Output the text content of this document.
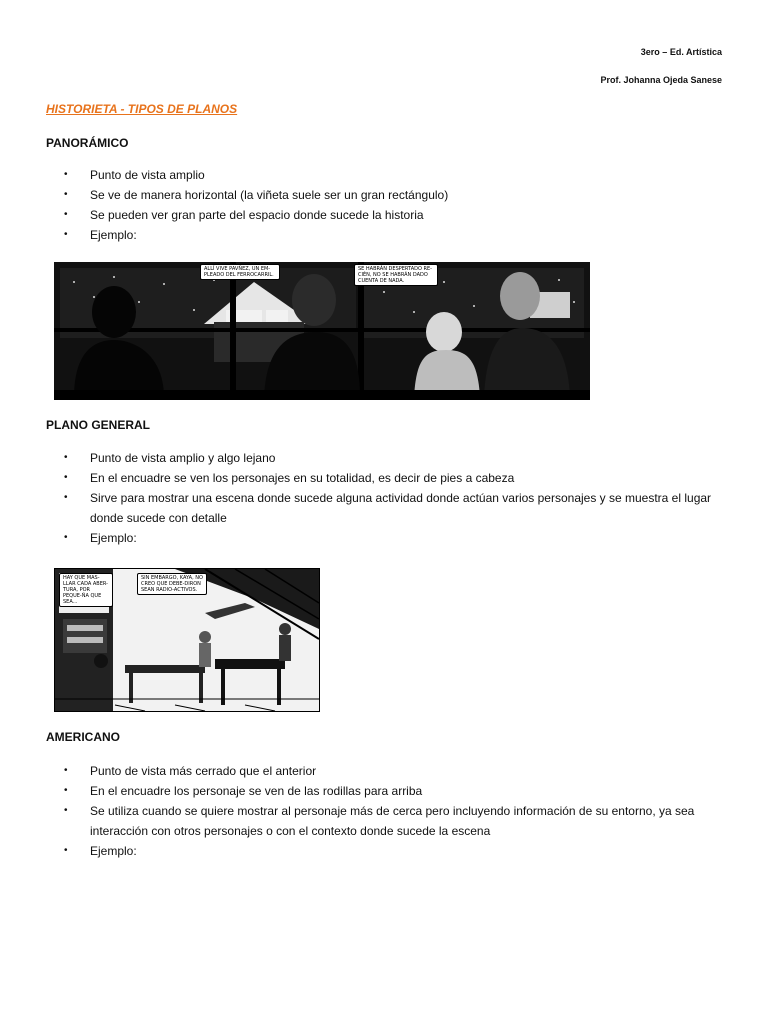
3ero – Ed. Artística
Prof. Johanna Ojeda Sanese
HISTORIETA - TIPOS DE PLANOS
PANORÁMICO
• Punto de vista amplio
• Se ve de manera horizontal (la viñeta suele ser un gran rectángulo)
• Se pueden ver gran parte del espacio donde sucede la historia
• Ejemplo:
ALLÍ VIVE PAVÑEZ, UN EM-PLEADO DEL FERROCARRIL.
SE HABRÁN DESPERTADO RE-CIÉN, NO SE HABRÁN DADO CUENTA DE NADA.
PLANO GENERAL
• Punto de vista amplio y algo lejano
• En el encuadre se ven los personajes en su totalidad, es decir de pies a cabeza
• Sirve para mostrar una escena donde sucede alguna actividad donde actúan varios personajes y se muestra el lugar donde sucede con detalle
• Ejemplo:
HAY QUE MAS-LLAR CADA ABER-TURA, POR PEQUE-ÑA QUE SEA...
SIN EMBARGO, KAYA, NO CREO QUE DEBE-DIRON SEAN RADIO-ACTIVOS.
AMERICANO
• Punto de vista más cerrado que el anterior
• En el encuadre los personaje se ven de las rodillas para arriba
• Se utiliza cuando se quiere mostrar al personaje más de cerca pero incluyendo información de su entorno, ya sea interacción con otros personajes o con el contexto donde sucede la escena
• Ejemplo:
